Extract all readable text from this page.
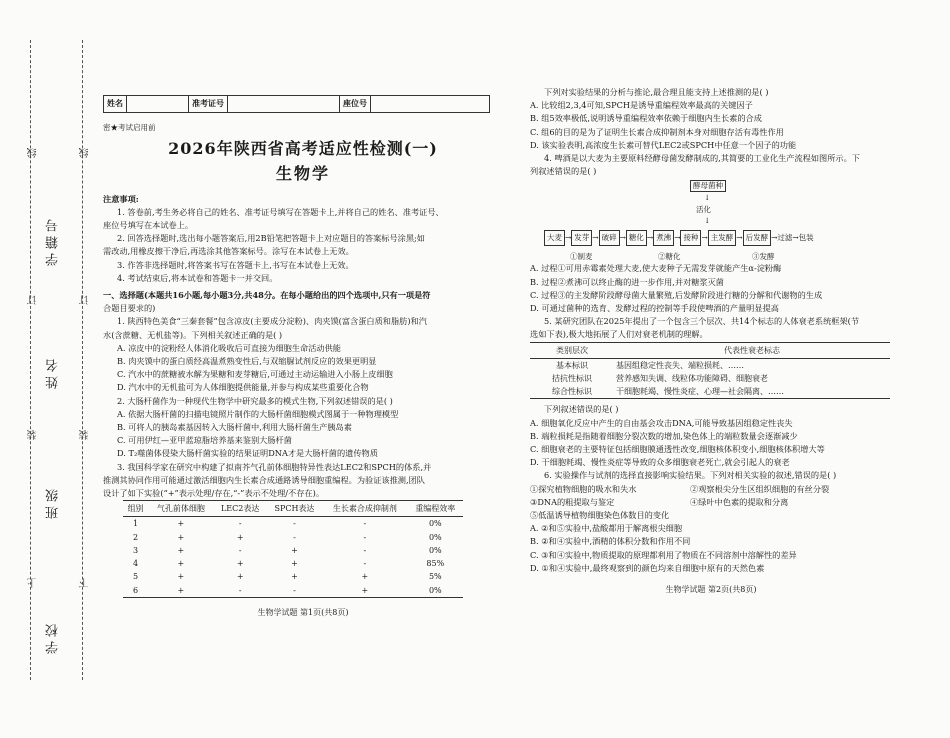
线	线
订	订
装	装
上	下
学籍号
姓名
班级
学校
姓名	准考证号	座位号
密★考试启用前
2026年陕西省高考适应性检测(一)
生物学

注意事项:

1. 答卷前,考生务必将自己的姓名、准考证号填写在答题卡上,并将自己的姓名、准考证号、

座位号填写在本试卷上。

2. 回答选择题时,选出每小题答案后,用2B铅笔把答题卡上对应题目的答案标号涂黑;如

需改动,用橡皮擦干净后,再选涂其他答案标号。涂写在本试卷上无效。

3. 作答非选择题时,将答案书写在答题卡上,书写在本试卷上无效。

4. 考试结束后,将本试卷和答题卡一并交回。

一、选择题(本题共16小题,每小题3分,共48分。在每小题给出的四个选项中,只有一项是符

合题目要求的)

1. 陕西特色美食“三秦套餐”包含凉皮(主要成分淀粉)、肉夹馍(富含蛋白质和脂肪)和汽

水(含蔗糖、无机盐等)。下列相关叙述正确的是( )

A. 凉皮中的淀粉经人体消化吸收后可直接为细胞生命活动供能

B. 肉夹馍中的蛋白质经高温煮熟变性后,与双缩脲试剂反应的效果更明显

C. 汽水中的蔗糖被水解为果糖和麦芽糖后,可通过主动运输进入小肠上皮细胞

D. 汽水中的无机盐可为人体细胞提供能量,并参与构成某些重要化合物

2. 大肠杆菌作为一种现代生物学中研究最多的模式生物,下列叙述错误的是( )

A. 依据大肠杆菌的扫描电镜照片制作的大肠杆菌细胞模式图属于一种物理模型

B. 可将人的胰岛素基因转入大肠杆菌中,利用大肠杆菌生产胰岛素

C. 可用伊红—亚甲蓝琼脂培养基来鉴别大肠杆菌

D. T₂噬菌体侵染大肠杆菌实验的结果证明DNA才是大肠杆菌的遗传物质

3. 我国科学家在研究中构建了拟南芥气孔前体细胞特异性表达LEC2和SPCH的体系,并

推测其协同作用可能通过激活细胞内生长素合成通路诱导细胞重编程。为验证该推测,团队

设计了如下实验(“+”表示处理/存在,“-”表示不处理/不存在)。

组别	气孔前体细胞	LEC2表达	SPCH表达	生长素合成抑制剂	重编程效率
1	+	-	-	-	0%
2	+	+	-	-	0%
3	+	-	+	-	0%
4	+	+	+	-	85%
5	+	+	+	+	5%
6	+	-	-	+	0%
生物学试题 第1页(共8页)

下列对实验结果的分析与推论,最合理且能支持上述推测的是( )

A. 比较组2,3,4可知,SPCH是诱导重编程效率最高的关键因子

B. 组5效率极低,说明诱导重编程效率依赖于细胞内生长素的合成

C. 组6的目的是为了证明生长素合成抑制剂本身对细胞存活有毒性作用

D. 该实验表明,高浓度生长素可替代LEC2或SPCH中任意一个因子的功能

4. 啤酒是以大麦为主要原料经酵母菌发酵制成的,其简要的工业化生产流程如图所示。下

列叙述错误的是( )

酵母菌种
↓
活化
↓
大麦 → 发芽 → 破碎 → 糖化 → 煮沸 → 接种 → 主发酵 → 后发酵 → 过滤 → 包装
①制麦	②糖化	③发酵

A. 过程①可用赤霉素处理大麦,使大麦种子无需发芽就能产生α-淀粉酶

B. 过程②煮沸可以终止酶的进一步作用,并对糖浆灭菌

C. 过程③的主发酵阶段酵母菌大量繁殖,后发酵阶段进行糖的分解和代谢物的生成

D. 可通过菌种的选育、发酵过程的控制等手段使啤酒的产量明显提高

5. 某研究团队在2025年提出了一个包含三个层次、共14个标志的人体衰老系统框架(节

选如下表),极大地拓展了人们对衰老机制的理解。

类别层次	代表性衰老标志
基本标识	基因组稳定性丧失、端粒损耗、……
拮抗性标识	营养感知失调、线粒体功能障碍、细胞衰老
综合性标识	干细胞耗竭、慢性炎症、心理—社会隔离、……

下列叙述错误的是( )

A. 细胞氧化反应中产生的自由基会攻击DNA,可能导致基因组稳定性丧失

B. 端粒损耗是指随着细胞分裂次数的增加,染色体上的端粒数量会逐渐减少

C. 细胞衰老的主要特征包括细胞膜通透性改变,细胞核体积变小,细胞核体积增大等

D. 干细胞耗竭、慢性炎症等导致的众多细胞衰老死亡,就会引起人的衰老

6. 实验操作与试剂的选择直接影响实验结果。下列对相关实验的叙述,错误的是( )

①探究植物细胞的吸水和失水	②观察根尖分生区组织细胞的有丝分裂
③DNA的粗提取与鉴定	④绿叶中色素的提取和分离
⑤低温诱导植物细胞染色体数目的变化

A. ②和⑤实验中,盐酸都用于解离根尖细胞

B. ②和④实验中,酒精的体积分数和作用不同

C. ③和④实验中,物质提取的原理都利用了物质在不同溶剂中溶解性的差异

D. ①和④实验中,最终观察到的颜色均来自细胞中原有的天然色素

生物学试题 第2页(共8页)
